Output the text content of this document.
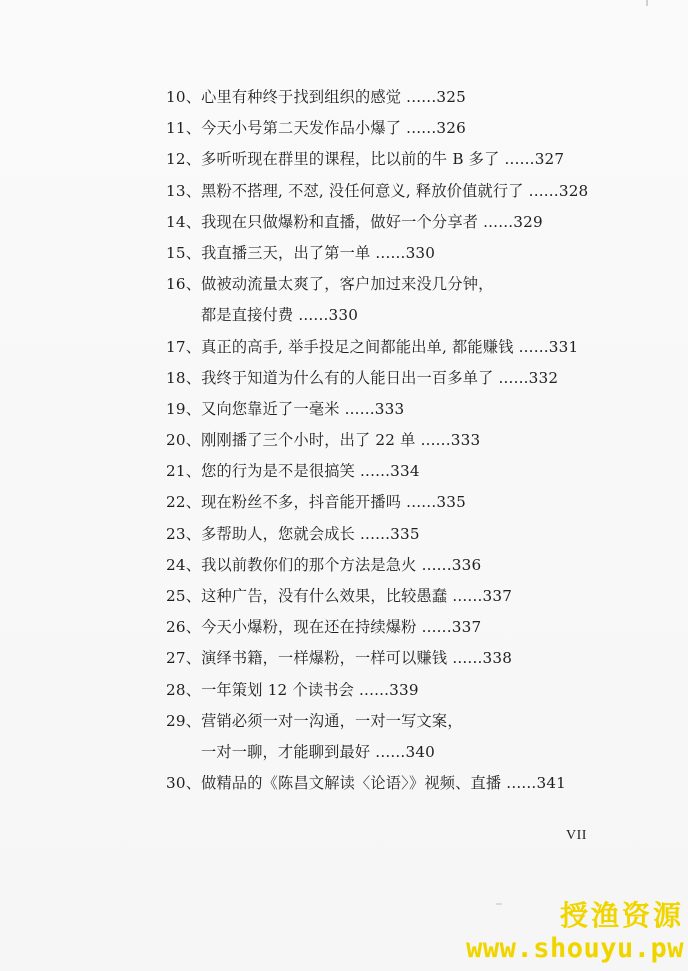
10、心里有种终于找到组织的感觉 ......325
11、今天小号第二天发作品小爆了 ......326
12、多听听现在群里的课程，比以前的牛 B 多了 ......327
13、黑粉不搭理, 不怼, 没任何意义, 释放价值就行了 ......328
14、我现在只做爆粉和直播，做好一个分享者 ......329
15、我直播三天，出了第一单 ......330
16、做被动流量太爽了，客户加过来没几分钟，
都是直接付费 ......330
17、真正的高手, 举手投足之间都能出单, 都能赚钱 ......331
18、我终于知道为什么有的人能日出一百多单了 ......332
19、又向您靠近了一毫米 ......333
20、刚刚播了三个小时，出了 22 单 ......333
21、您的行为是不是很搞笑 ......334
22、现在粉丝不多，抖音能开播吗 ......335
23、多帮助人，您就会成长 ......335
24、我以前教你们的那个方法是急火 ......336
25、这种广告，没有什么效果，比较愚蠢 ......337
26、今天小爆粉，现在还在持续爆粉 ......337
27、演绎书籍，一样爆粉，一样可以赚钱 ......338
28、一年策划 12 个读书会 ......339
29、营销必须一对一沟通，一对一写文案，
一对一聊，才能聊到最好 ......340
30、做精品的《陈昌文解读〈论语〉》视频、直播 ......341
VII
授渔资源
www.shouyu.pw
